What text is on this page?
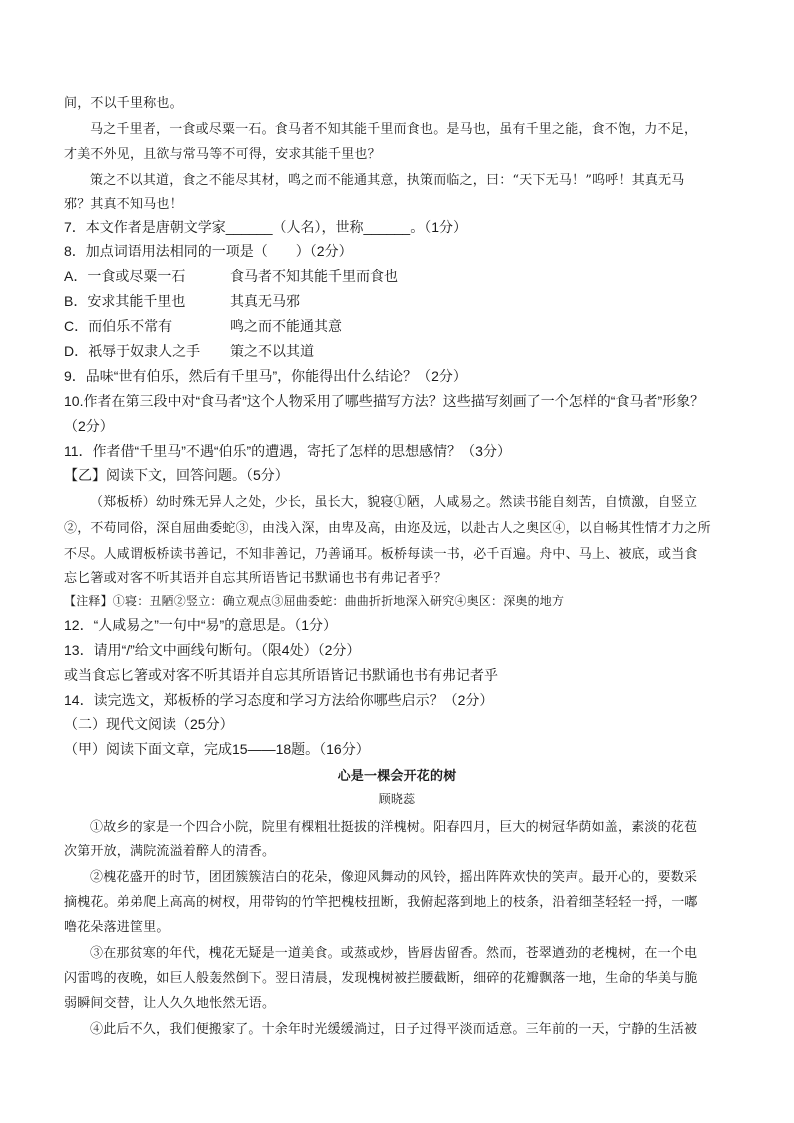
间，不以千里称也。

马之千里者，一食或尽粟一石。食马者不知其能千里而食也。是马也，虽有千里之能，食不饱，力不足，

才美不外见，且欲与常马等不可得，安求其能千里也？

策之不以其道，食之不能尽其材，鸣之而不能通其意，执策而临之，曰：“天下无马！”呜呼！其真无马

邪？其真不知马也！

7．本文作者是唐朝文学家______（人名），世称______。（1分）

8．加点词语用法相同的一项是（　　）（2分）

A．一食或尽粟一石	食马者不知其能千里而食也
B．安求其能千里也	其真无马邪
C．而伯乐不常有	鸣之而不能通其意
D．祇辱于奴隶人之手 策之不以其道

9．品味“世有伯乐，然后有千里马”，你能得出什么结论？（2分）

10.作者在第三段中对“食马者”这个人物采用了哪些描写方法？这些描写刻画了一个怎样的“食马者”形象？

（2分）

11．作者借“千里马”不遇“伯乐”的遭遇，寄托了怎样的思想感情？（3分）

【乙】阅读下文，回答问题。（5分）

（郑板桥）幼时殊无异人之处，少长，虽长大，貌寝①陋，人咸易之。然读书能自刻苦，自愤激，自竖立

②，不苟同俗，深自屈曲委蛇③，由浅入深，由卑及高，由迩及远，以赴古人之奥区④，以自畅其性情才力之所

不尽。人咸谓板桥读书善记，不知非善记，乃善诵耳。板桥每读一书，必千百遍。舟中、马上、被底，或当食

忘匕箸或对客不听其语并自忘其所语皆记书默诵也书有弗记者乎？

【注释】①寝：丑陋②竖立：确立观点③屈曲委蛇：曲曲折折地深入研究④奥区：深奥的地方

12．“人咸易之”一句中“易”的意思是。（1分）

13．请用“/”给文中画线句断句。（限4处）（2分）

或当食忘匕箸或对客不听其语并自忘其所语皆记书默诵也书有弗记者乎

14．读完选文，郑板桥的学习态度和学习方法给你哪些启示？（2分）

（二）现代文阅读（25分）

（甲）阅读下面文章，完成15——18题。（16分）

心是一棵会开花的树

顾晓蕊

①故乡的家是一个四合小院，院里有棵粗壮挺拔的洋槐树。阳春四月，巨大的树冠华荫如盖，素淡的花苞

次第开放，满院流溢着醉人的清香。

②槐花盛开的时节，团团簇簇洁白的花朵，像迎风舞动的风铃，摇出阵阵欢快的笑声。最开心的，要数采

摘槐花。弟弟爬上高高的树杈，用带钩的竹竿把槐枝扭断，我俯起落到地上的枝条，沿着细茎轻轻一捋，一嘟

噜花朵落进筐里。

③在那贫寒的年代，槐花无疑是一道美食。或蒸或炒，皆唇齿留香。然而，苍翠遒劲的老槐树，在一个电

闪雷鸣的夜晚，如巨人般轰然倒下。翌日清晨，发现槐树被拦腰截断，细碎的花瓣飘落一地，生命的华美与脆

弱瞬间交替，让人久久地怅然无语。

④此后不久，我们便搬家了。十余年时光缓缓淌过，日子过得平淡而适意。三年前的一天，宁静的生活被
